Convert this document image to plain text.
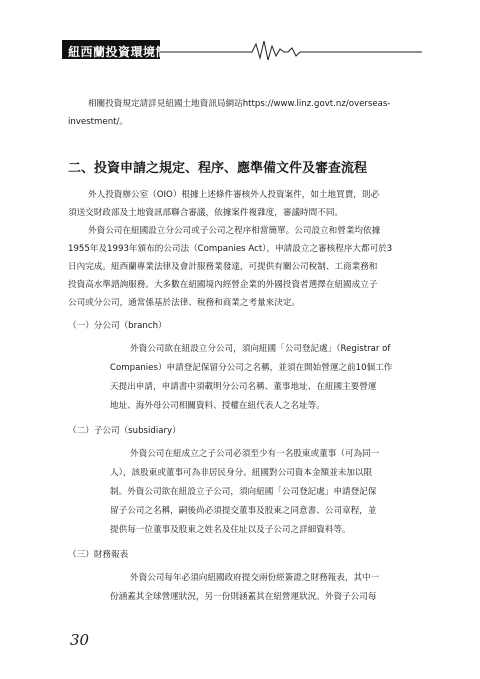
紐西蘭投資環境簡介
相關投資規定請詳見紐國土地資訊局網站https://www.linz.govt.nz/overseas-
investment/。
二、投資申請之規定、程序、應準備文件及審查流程
外人投資辦公室（OIO）根據上述條件審核外人投資案件，如土地買賣，則必
須送交財政部及土地資訊部聯合審議，依據案件複雜度，審議時間不同。
外資公司在紐國設立分公司或子公司之程序相當簡單。公司設立和營業均依據
1955年及1993年頒布的公司法（Companies Act），申請設立之審核程序大都可於3
日內完成。紐西蘭專業法律及會計服務業發達，可提供有關公司稅制、工商業務和
投資高水準諮詢服務。大多數在紐國境內經營企業的外國投資者選擇在紐國成立子
公司或分公司，通常係基於法律、稅務和商業之考量來決定。
（一）分公司（branch）
外資公司欲在紐設立分公司，須向紐國「公司登記處」（Registrar of
Companies）申請登記保留分公司之名稱，並須在開始營運之前10個工作
天提出申請，申請書中須載明分公司名稱、董事地址、在紐國主要營運
地址、海外母公司相關資料、授權在紐代表人之名址等。
（二）子公司（subsidiary）
外資公司在紐成立之子公司必須至少有一名股東或董事（可為同一
人），該股東或董事可為非居民身分。紐國對公司資本金額並未加以限
制。外資公司欲在紐設立子公司，須向紐國「公司登記處」申請登記保
留子公司之名稱，嗣後尚必須提交董事及股東之同意書、公司章程，並
提供每一位董事及股東之姓名及住址以及子公司之詳細資料等。
（三）財務報表
外資公司每年必須向紐國政府提交兩份經簽證之財務報表，其中一
份涵蓋其全球營運狀況，另一份則涵蓋其在紐營運狀況。外資子公司每
30
